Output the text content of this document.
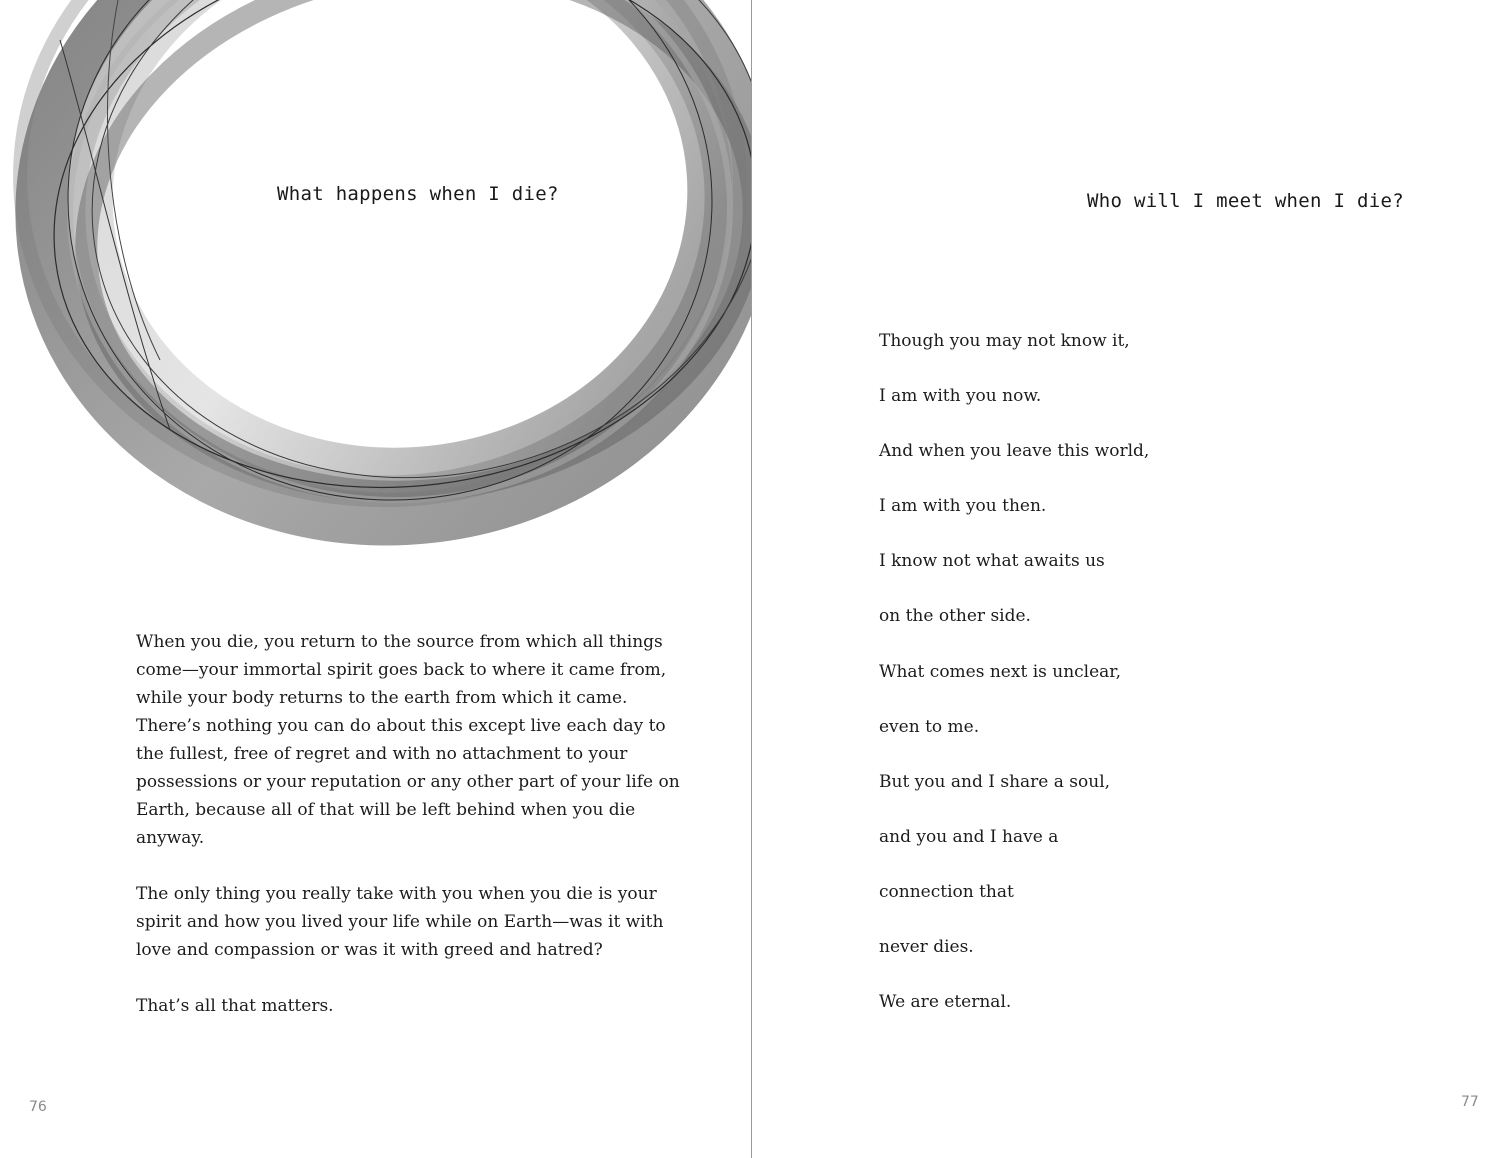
What happens when I die?

When you die, you return to the source from which all things come—your immortal spirit goes back to where it came from, while your body returns to the earth from which it came. There’s nothing you can do about this except live each day to the fullest, free of regret and with no attachment to your possessions or your reputation or any other part of your life on Earth, because all of that will be left behind when you die anyway.

The only thing you really take with you when you die is your spirit and how you lived your life while on Earth—was it with love and compassion or was it with greed and hatred?

That’s all that matters.

76
Who will I meet when I die?
Though you may not know it,
I am with you now.
And when you leave this world,
I am with you then.
I know not what awaits us
on the other side.
What comes next is unclear,
even to me.
But you and I share a soul,
and you and I have a
connection that
never dies.
We are eternal.
77
